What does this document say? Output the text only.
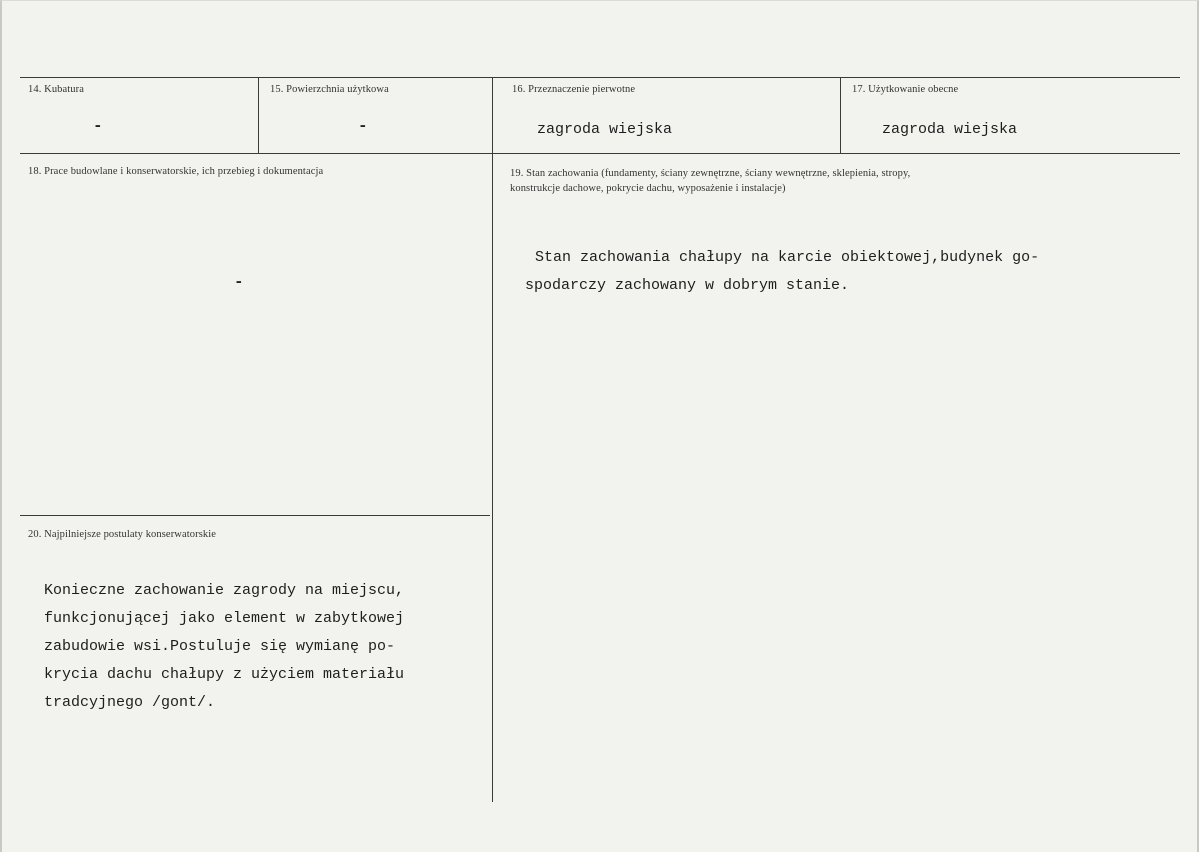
14. Kubatura
-
15. Powierzchnia użytkowa
-
16. Przeznaczenie pierwotne
zagroda wiejska
17. Użytkowanie obecne
zagroda wiejska
18. Prace budowlane i konserwatorskie, ich przebieg i dokumentacja
-
19. Stan zachowania (fundamenty, ściany zewnętrzne, ściany wewnętrzne, sklepienia, stropy,
konstrukcje dachowe, pokrycie dachu, wyposażenie i instalacje)
Stan zachowania chałupy na karcie obiektowej,budynek go-
spodarczy zachowany w dobrym stanie.
20. Najpilniejsze postulaty konserwatorskie
Konieczne zachowanie zagrody na miejscu,
funkcjonującej jako element w zabytkowej
zabudowie wsi.Postuluje się wymianę po-
krycia dachu chałupy z użyciem materiału
tradcyjnego /gont/.
